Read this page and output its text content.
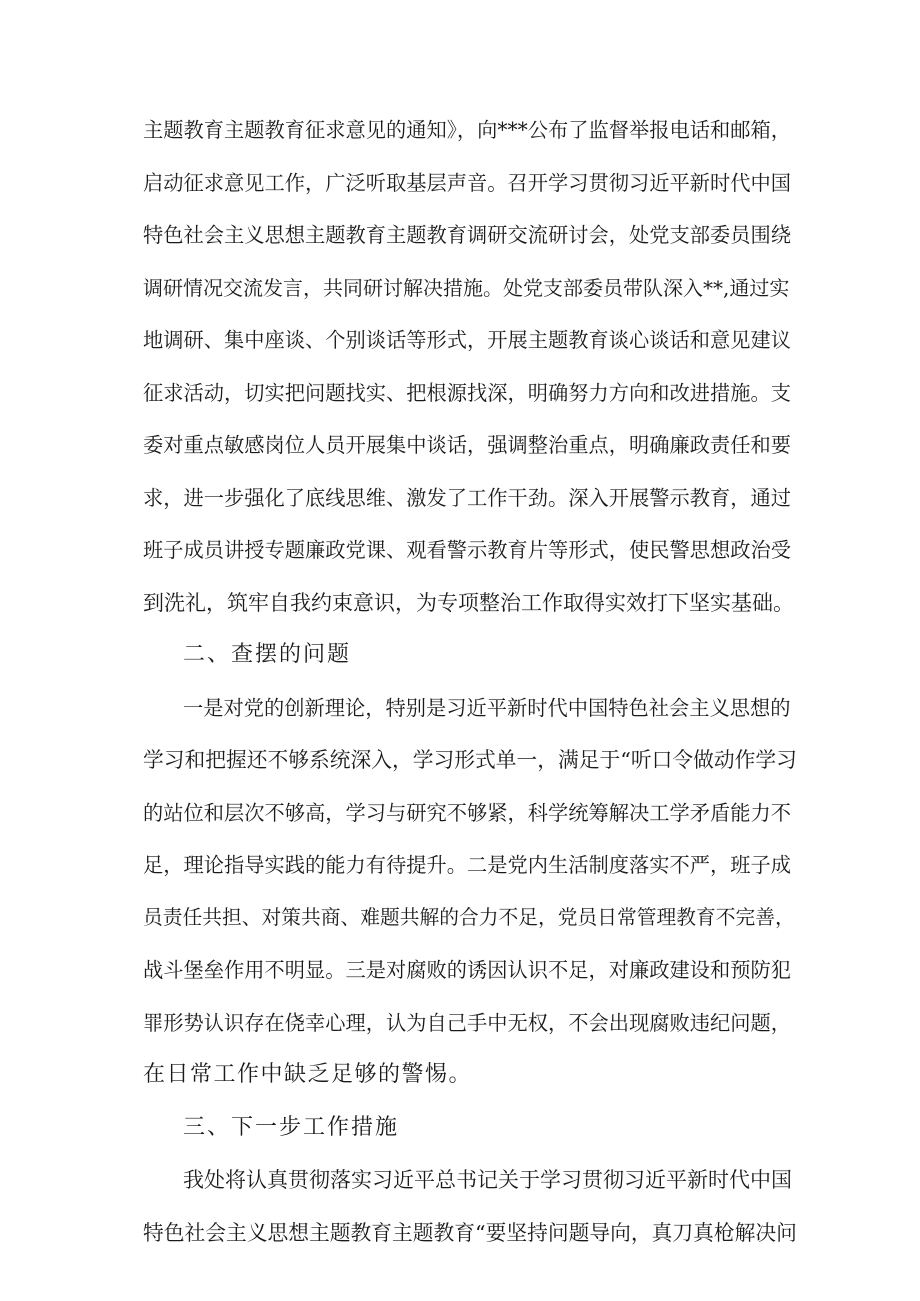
主题教育主题教育征求意见的通知》，向***公布了监督举报电话和邮箱，
启动征求意见工作，广泛听取基层声音。召开学习贯彻习近平新时代中国
特色社会主义思想主题教育主题教育调研交流研讨会，处党支部委员围绕
调研情况交流发言，共同研讨解决措施。处党支部委员带队深入**,通过实
地调研、集中座谈、个别谈话等形式，开展主题教育谈心谈话和意见建议
征求活动，切实把问题找实、把根源找深，明确努力方向和改进措施。支
委对重点敏感岗位人员开展集中谈话，强调整治重点，明确廉政责任和要
求，进一步强化了底线思维、激发了工作干劲。深入开展警示教育，通过
班子成员讲授专题廉政党课、观看警示教育片等形式，使民警思想政治受
到洗礼，筑牢自我约束意识，为专项整治工作取得实效打下坚实基础。
二、查摆的问题
一是对党的创新理论，特别是习近平新时代中国特色社会主义思想的
学习和把握还不够系统深入，学习形式单一，满足于“听口令做动作学习
的站位和层次不够高，学习与研究不够紧，科学统筹解决工学矛盾能力不
足，理论指导实践的能力有待提升。二是党内生活制度落实不严，班子成
员责任共担、对策共商、难题共解的合力不足，党员日常管理教育不完善，
战斗堡垒作用不明显。三是对腐败的诱因认识不足，对廉政建设和预防犯
罪形势认识存在侥幸心理，认为自己手中无权，不会出现腐败违纪问题，
在日常工作中缺乏足够的警惕。
三、下一步工作措施
我处将认真贯彻落实习近平总书记关于学习贯彻习近平新时代中国
特色社会主义思想主题教育主题教育“要坚持问题导向，真刀真枪解决问
